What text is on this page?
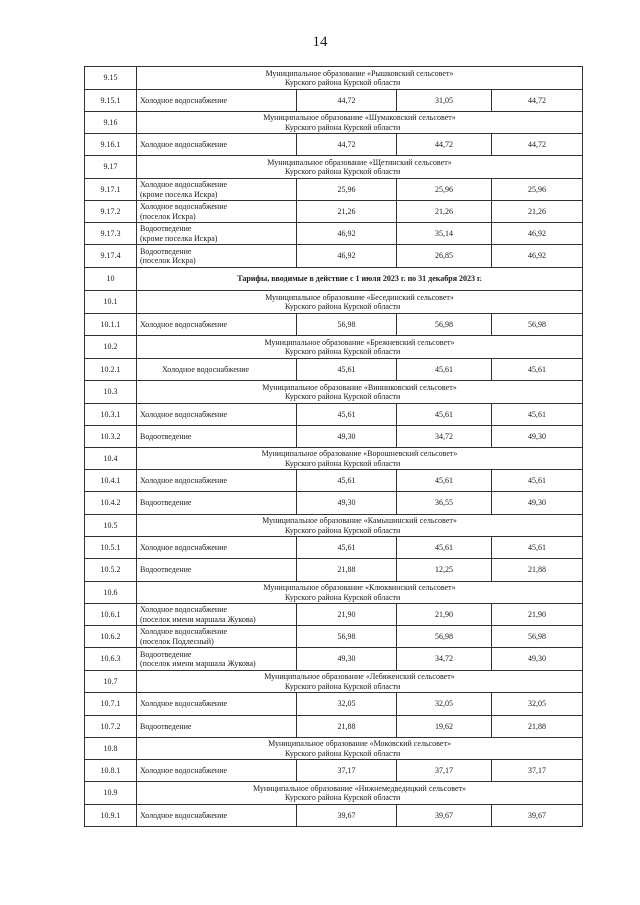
14
9.15	Муниципальное образование «Рышковский сельсовет»
Курского района Курской области			

9.15.1	Холодное водоснабжение	44,72	31,05	44,72
9.16	Муниципальное образование «Шумаковский сельсовет»
Курского района Курской области			

9.16.1	Холодное водоснабжение	44,72	44,72	44,72
9.17	Муниципальное образование «Щетинский сельсовет»
Курского района Курской области			

9.17.1	Холодное водоснабжение
(кроме поселка Искра)	25,96	25,96	25,96
9.17.2	Холодное водоснабжение
(поселок Искра)	21,26	21,26	21,26
9.17.3	Водоотведение
(кроме поселка Искра)	46,92	35,14	46,92
9.17.4	Водоотведение
(поселок Искра)	46,92	26,85	46,92
10	Тарифы, вводимые в действие с 1 июля 2023 г. по 31 декабря 2023 г.			
10.1	Муниципальное образование «Бесединский сельсовет»
Курского района Курской области			

10.1.1	Холодное водоснабжение	56,98	56,98	56,98
10.2	Муниципальное образование «Брежневский сельсовет»
Курского района Курской области			

10.2.1	Холодное водоснабжение	45,61	45,61	45,61
10.3	Муниципальное образование «Винниковский сельсовет»
Курского района Курской области			

10.3.1	Холодное водоснабжение	45,61	45,61	45,61
10.3.2	Водоотведение	49,30	34,72	49,30
10.4	Муниципальное образование «Ворошневский сельсовет»
Курского района Курской области			

10.4.1	Холодное водоснабжение	45,61	45,61	45,61
10.4.2	Водоотведение	49,30	36,55	49,30
10.5	Муниципальное образование «Камышинский сельсовет»
Курского района Курской области			

10.5.1	Холодное водоснабжение	45,61	45,61	45,61
10.5.2	Водоотведение	21,88	12,25	21,88
10.6	Муниципальное образование «Клюквинский сельсовет»
Курского района Курской области			

10.6.1	Холодное водоснабжение
(поселок имени маршала Жукова)	21,90	21,90	21,90
10.6.2	Холодное водоснабжение
(поселок Подлесный)	56,98	56,98	56,98
10.6.3	Водоотведение
(поселок имени маршала Жукова)	49,30	34,72	49,30
10.7	Муниципальное образование «Лебяженский сельсовет»
Курского района Курской области			

10.7.1	Холодное водоснабжение	32,05	32,05	32,05
10.7.2	Водоотведение	21,88	19,62	21,88
10.8	Муниципальное образование «Моковский сельсовет»
Курского района Курской области			

10.8.1	Холодное водоснабжение	37,17	37,17	37,17
10.9	Муниципальное образование «Нижнемедведицкий сельсовет»
Курского района Курской области			

10.9.1	Холодное водоснабжение	39,67	39,67	39,67
